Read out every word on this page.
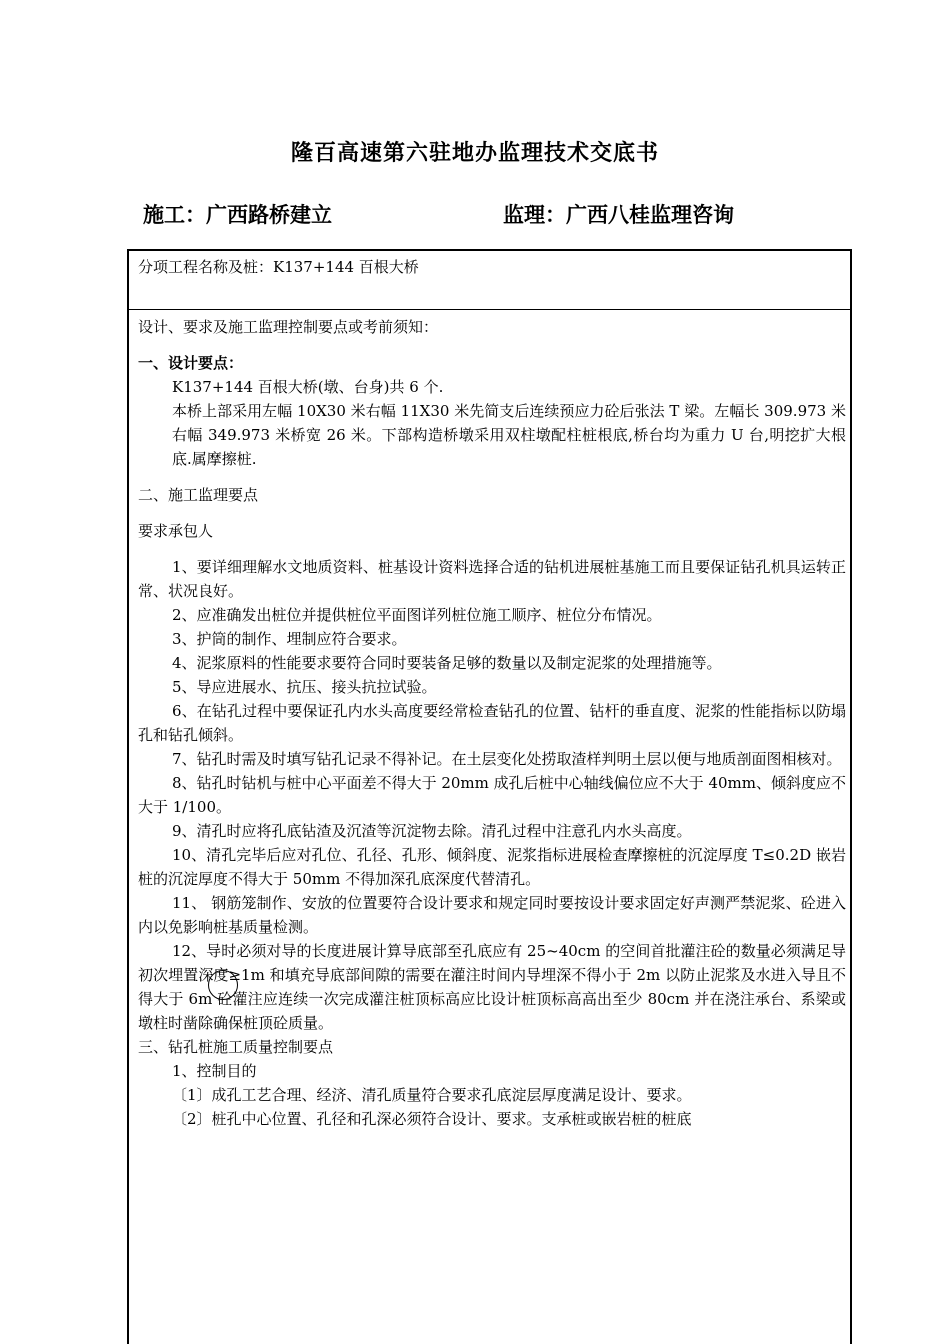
隆百高速第六驻地办监理技术交底书
施工：广西路桥建立	监理：广西八桂监理咨询
分项工程名称及桩：K137+144 百根大桥

设计、要求及施工监理控制要点或考前须知：

一、设计要点：

K137+144 百根大桥(墩、台身)共 6 个.

本桥上部采用左幅 10X30 米右幅 11X30 米先简支后连续预应力砼后张法 T 梁。左幅长 309.973 米右幅 349.973 米桥宽 26 米。下部构造桥墩采用双柱墩配柱桩根底,桥台均为重力 U 台,明挖扩大根底.属摩擦桩.

二、施工监理要点

要求承包人

1、要详细理解水文地质资料、桩基设计资料选择合适的钻机进展桩基施工而且要保证钻孔机具运转正常、状况良好。

2、应准确发出桩位并提供桩位平面图详列桩位施工顺序、桩位分布情况。

3、护筒的制作、埋制应符合要求。

4、泥浆原料的性能要求要符合同时要装备足够的数量以及制定泥浆的处理措施等。

5、导应进展水、抗压、接头抗拉试验。

6、在钻孔过程中要保证孔内水头高度要经常检查钻孔的位置、钻杆的垂直度、泥浆的性能指标以防塌孔和钻孔倾斜。

7、钻孔时需及时填写钻孔记录不得补记。在土层变化处捞取渣样判明土层以便与地质剖面图相核对。

8、钻孔时钻机与桩中心平面差不得大于 20mm 成孔后桩中心轴线偏位应不大于 40mm、倾斜度应不大于 1/100。

9、清孔时应将孔底钻渣及沉渣等沉淀物去除。清孔过程中注意孔内水头高度。

10、清孔完毕后应对孔位、孔径、孔形、倾斜度、泥浆指标进展检查摩擦桩的沉淀厚度 T≤0.2D 嵌岩桩的沉淀厚度不得大于 50mm 不得加深孔底深度代替清孔。

11、 钢筋笼制作、安放的位置要符合设计要求和规定同时要按设计要求固定好声测严禁泥浆、砼进入内以免影响桩基质量检测。

12、导时必须对导的长度进展计算导底部至孔底应有 25~40cm 的空间首批灌注砼的数量必须满足导初次埋置深度≥1m 和填充导底部间隙的需要在灌注时间内导埋深不得小于 2m 以防止泥浆及水进入导且不得大于 6m 砼灌注应连续一次完成灌注桩顶标高应比设计桩顶标高高出至少 80cm 并在浇注承台、系梁或墩柱时凿除确保桩顶砼质量。

三、钻孔桩施工质量控制要点

1、控制目的

〔1〕成孔工艺合理、经济、清孔质量符合要求孔底淀层厚度满足设计、要求。

〔2〕桩孔中心位置、孔径和孔深必须符合设计、要求。支承桩或嵌岩桩的桩底
